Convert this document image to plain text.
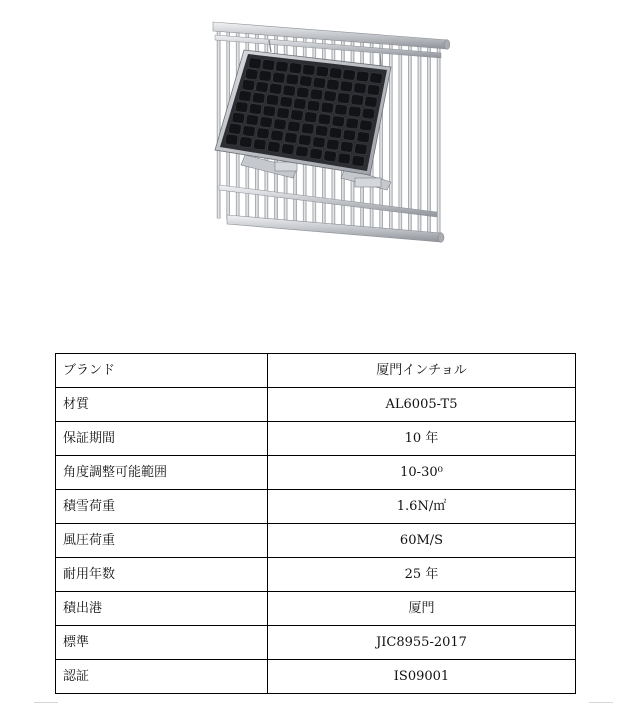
ブランド	厦門インチョル
材質	AL6005-T5
保証期間	10 年
角度調整可能範囲	10-30⁰
積雪荷重	1.6N/㎡
風圧荷重	60M/S
耐用年数	25 年
積出港	厦門
標準	JIC8955-2017
認証	IS09001
